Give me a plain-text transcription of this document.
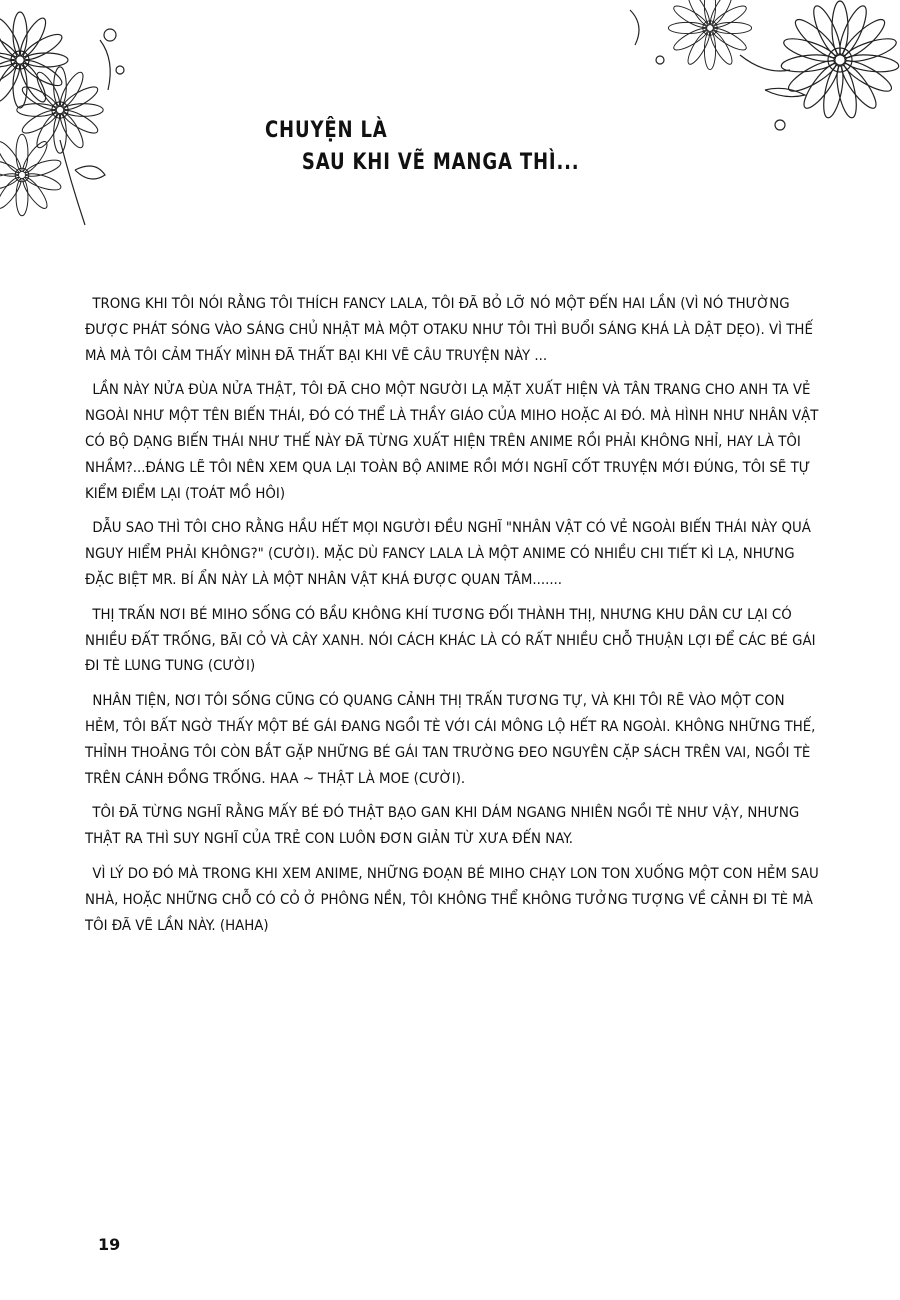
CHUYỆN LÀ
SAU KHI VẼ MANGA THÌ...

TRONG KHI TÔI NÓI RẰNG TÔI THÍCH FANCY LALA, TÔI ĐÃ BỎ LỠ NÓ MỘT ĐẾN HAI LẦN (VÌ NÓ THƯỜNG ĐƯỢC PHÁT SÓNG VÀO SÁNG CHỦ NHẬT MÀ MỘT OTAKU NHƯ TÔI THÌ BUỔI SÁNG KHÁ LÀ DẬT DẸO). VÌ THẾ MÀ MÀ TÔI CẢM THẤY MÌNH ĐÃ THẤT BẠI KHI VẼ CÂU TRUYỆN NÀY ...

LẦN NÀY NỬA ĐÙA NỬA THẬT, TÔI ĐÃ CHO MỘT NGƯỜI LẠ MẶT XUẤT HIỆN VÀ TÂN TRANG CHO ANH TA VẺ NGOÀI NHƯ MỘT TÊN BIẾN THÁI, ĐÓ CÓ THỂ LÀ THẦY GIÁO CỦA MIHO HOẶC AI ĐÓ. MÀ HÌNH NHƯ NHÂN VẬT CÓ BỘ DẠNG BIẾN THÁI NHƯ THẾ NÀY ĐÃ TỪNG XUẤT HIỆN TRÊN ANIME RỒI PHẢI KHÔNG NHỈ, HAY LÀ TÔI NHẦM?...ĐÁNG LẼ TÔI NÊN XEM QUA LẠI TOÀN BỘ ANIME RỒI MỚI NGHĨ CỐT TRUYỆN MỚI ĐÚNG, TÔI SẼ TỰ KIỂM ĐIỂM LẠI (TOÁT MỒ HÔI)

DẪU SAO THÌ TÔI CHO RẰNG HẦU HẾT MỌI NGƯỜI ĐỀU NGHĨ "NHÂN VẬT CÓ VẺ NGOÀI BIẾN THÁI NÀY QUÁ NGUY HIỂM PHẢI KHÔNG?" (CƯỜI). MẶC DÙ FANCY LALA LÀ MỘT ANIME CÓ NHIỀU CHI TIẾT KÌ LẠ, NHƯNG ĐẶC BIỆT MR. BÍ ẨN NÀY LÀ MỘT NHÂN VẬT KHÁ ĐƯỢC QUAN TÂM.......

THỊ TRẤN NƠI BÉ MIHO SỐNG CÓ BẦU KHÔNG KHÍ TƯƠNG ĐỐI THÀNH THỊ, NHƯNG KHU DÂN CƯ LẠI CÓ NHIỀU ĐẤT TRỐNG, BÃI CỎ VÀ CÂY XANH. NÓI CÁCH KHÁC LÀ CÓ RẤT NHIỀU CHỖ THUẬN LỢI ĐỂ CÁC BÉ GÁI ĐI TÈ LUNG TUNG (CƯỜI)

NHÂN TIỆN, NƠI TÔI SỐNG CŨNG CÓ QUANG CẢNH THỊ TRẤN TƯƠNG TỰ, VÀ KHI TÔI RẼ VÀO MỘT CON HẺM, TÔI BẤT NGỜ THẤY MỘT BÉ GÁI ĐANG NGỒI TÈ VỚI CÁI MÔNG LỘ HẾT RA NGOÀI. KHÔNG NHỮNG THẾ, THỈNH THOẢNG TÔI CÒN BẮT GẶP NHỮNG BÉ GÁI TAN TRƯỜNG ĐEO NGUYÊN CẶP SÁCH TRÊN VAI, NGỒI TÈ TRÊN CÁNH ĐỒNG TRỐNG. HAA ~ THẬT LÀ MOE (CƯỜI).

TÔI ĐÃ TỪNG NGHĨ RẰNG MẤY BÉ ĐÓ THẬT BẠO GAN KHI DÁM NGANG NHIÊN NGỒI TÈ NHƯ VẬY, NHƯNG THẬT RA THÌ SUY NGHĨ CỦA TRẺ CON LUÔN ĐƠN GIẢN TỪ XƯA ĐẾN NAY.

VÌ LÝ DO ĐÓ MÀ TRONG KHI XEM ANIME, NHỮNG ĐOẠN BÉ MIHO CHẠY LON TON XUỐNG MỘT CON HẺM SAU NHÀ, HOẶC NHỮNG CHỖ CÓ CỎ Ở PHÔNG NỀN, TÔI KHÔNG THỂ KHÔNG TƯỞNG TƯỢNG VỀ CẢNH ĐI TÈ MÀ TÔI ĐÃ VẼ LẦN NÀY. (HAHA)

19
